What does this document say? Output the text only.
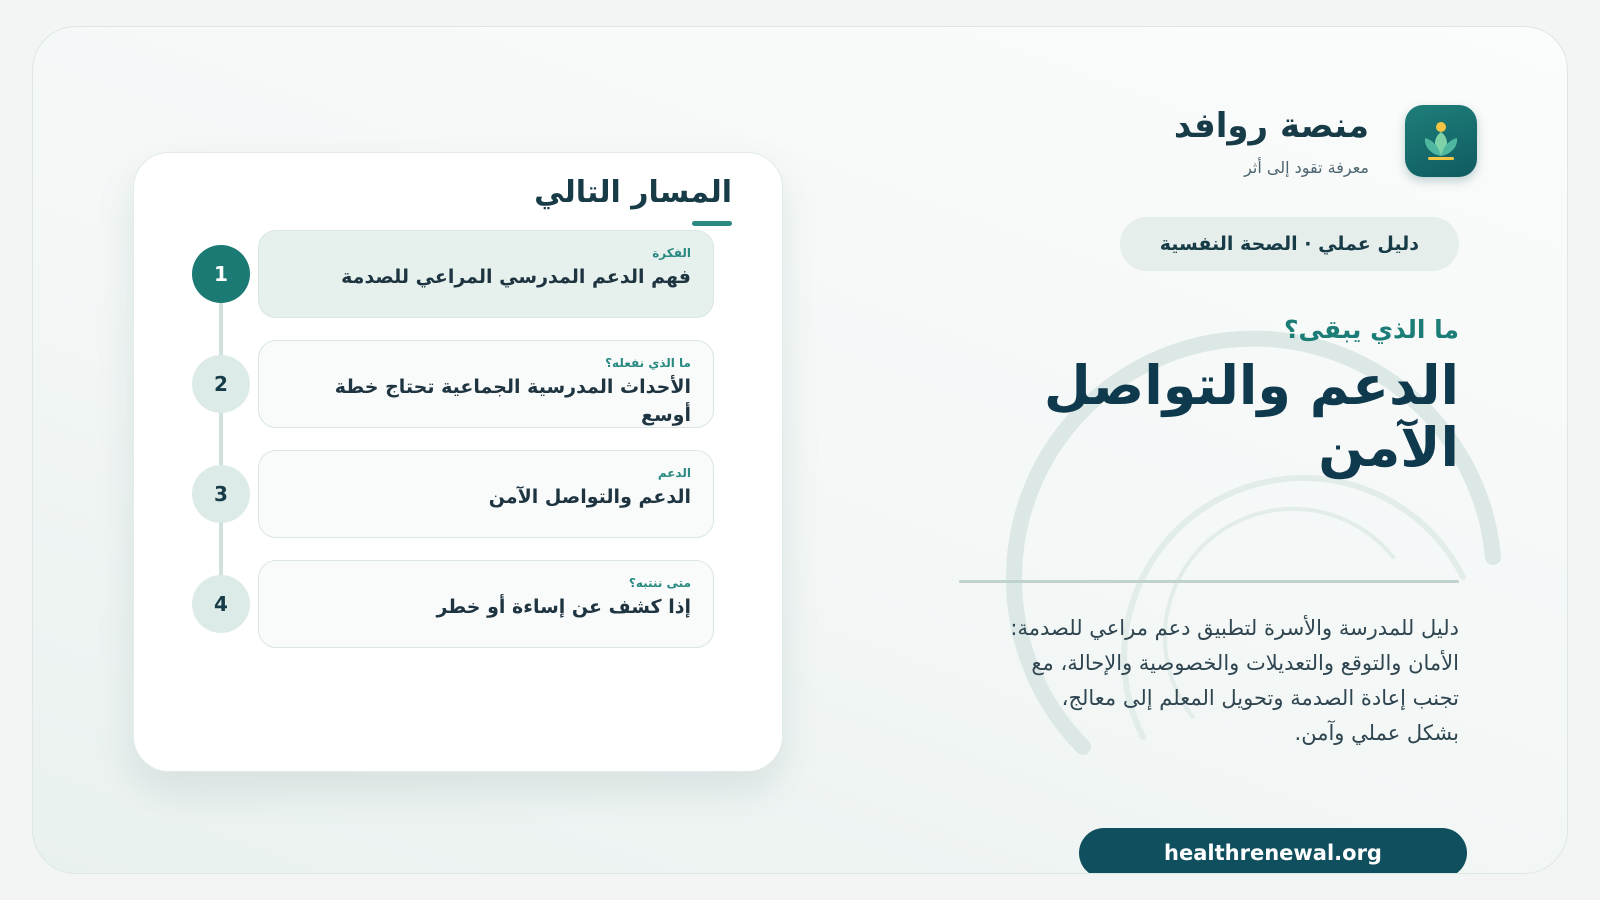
منصة روافد
معرفة تقود إلى أثر
دليل عملي · الصحة النفسية
ما الذي يبقى؟
الدعم والتواصل الآمن
دليل للمدرسة والأسرة لتطبيق دعم مراعي للصدمة: الأمان والتوقع والتعديلات والخصوصية والإحالة، مع تجنب إعادة الصدمة وتحويل المعلم إلى معالج، بشكل عملي وآمن.
healthrenewal.org
المسار التالي
1
الفكرة
فهم الدعم المدرسي المراعي للصدمة
2
ما الذي نفعله؟
الأحداث المدرسية الجماعية تحتاج خطة أوسع
3
الدعم
الدعم والتواصل الآمن
4
متى ننتبه؟
إذا كشف عن إساءة أو خطر
